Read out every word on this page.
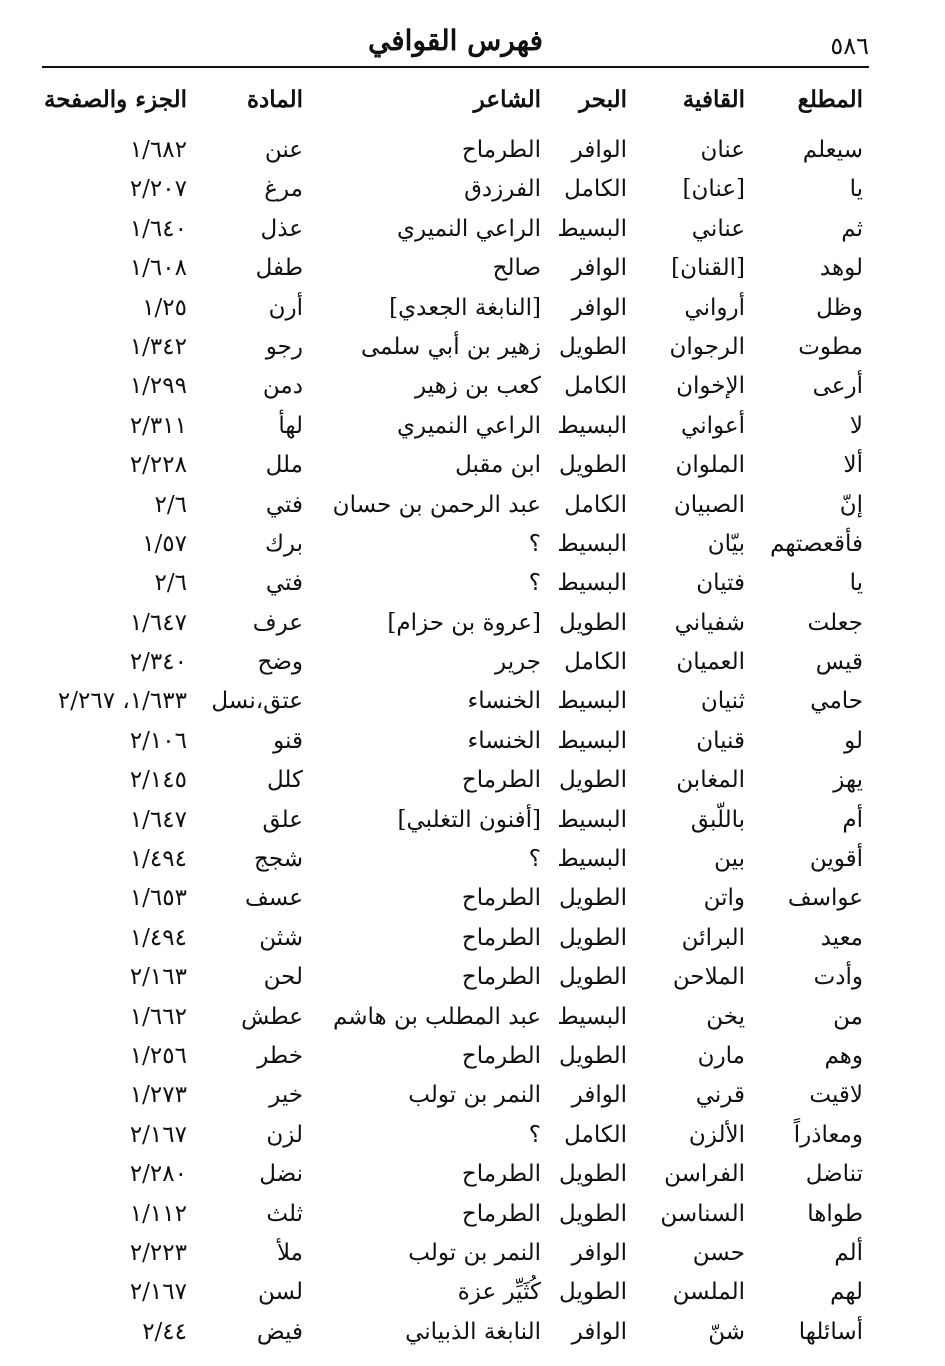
٥٨٦
فهرس القوافي
المطلع
القافية
البحر
الشاعر
المادة
الجزء والصفحة
سيعلم
عنان
الوافر
الطرماح
عنن
١/٦٨٢
يا
[عنان]
الكامل
الفرزدق
مرغ
٢/٢٠٧
ثم
عناني
البسيط
الراعي النميري
عذل
١/٦٤٠
لوهد
[القنان]
الوافر
صالح
طفل
١/٦٠٨
وظل
أرواني
الوافر
[النابغة الجعدي]
أرن
١/٢٥
مطوت
الرجوان
الطويل
زهير بن أبي سلمى
رجو
١/٣٤٢
أرعى
الإخوان
الكامل
كعب بن زهير
دمن
١/٢٩٩
لا
أعواني
البسيط
الراعي النميري
لهأ
٢/٣١١
ألا
الملوان
الطويل
ابن مقبل
ملل
٢/٢٢٨
إنّ
الصبيان
الكامل
عبد الرحمن بن حسان
فتي
٢/٦
فأقعصتهم
بيّان
البسيط
؟
برك
١/٥٧
يا
فتيان
البسيط
؟
فتي
٢/٦
جعلت
شفياني
الطويل
[عروة بن حزام]
عرف
١/٦٤٧
قيس
العميان
الكامل
جرير
وضح
٢/٣٤٠
حامي
ثنيان
البسيط
الخنساء
عتق،نسل
١/٦٣٣، ٢/٢٦٧
لو
قنيان
البسيط
الخنساء
قنو
٢/١٠٦
يهز
المغابن
الطويل
الطرماح
كلل
٢/١٤٥
أم
باللّبق
البسيط
[أفنون التغلبي]
علق
١/٦٤٧
أقوين
بين
البسيط
؟
شجج
١/٤٩٤
عواسف
واتن
الطويل
الطرماح
عسف
١/٦٥٣
معيد
البرائن
الطويل
الطرماح
شثن
١/٤٩٤
وأدت
الملاحن
الطويل
الطرماح
لحن
٢/١٦٣
من
يخن
البسيط
عبد المطلب بن هاشم
عطش
١/٦٦٢
وهم
مارن
الطويل
الطرماح
خطر
١/٢٥٦
لاقيت
قرني
الوافر
النمر بن تولب
خير
١/٢٧٣
ومعاذراً
الألزن
الكامل
؟
لزن
٢/١٦٧
تناضل
الفراسن
الطويل
الطرماح
نضل
٢/٢٨٠
طواها
السناسن
الطويل
الطرماح
ثلث
١/١١٢
ألم
حسن
الوافر
النمر بن تولب
ملأ
٢/٢٢٣
لهم
الملسن
الطويل
كُثَيِّر عزة
لسن
٢/١٦٧
أسائلها
شنّ
الوافر
النابغة الذبياني
فيض
٢/٤٤
